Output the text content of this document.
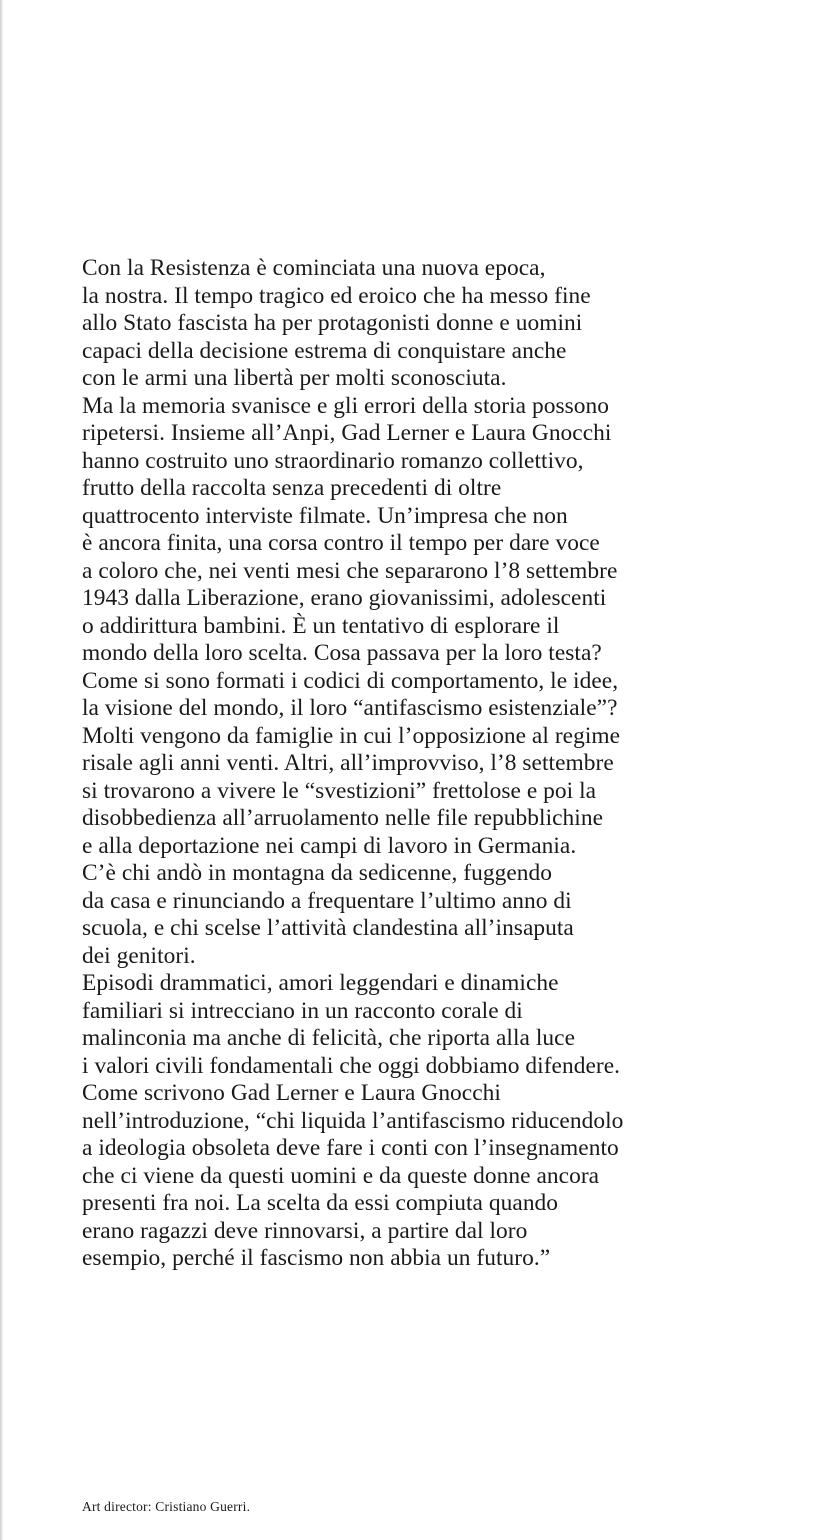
Con la Resistenza è cominciata una nuova epoca,
la nostra. Il tempo tragico ed eroico che ha messo fine
allo Stato fascista ha per protagonisti donne e uomini
capaci della decisione estrema di conquistare anche
con le armi una libertà per molti sconosciuta.
Ma la memoria svanisce e gli errori della storia possono
ripetersi. Insieme all’Anpi, Gad Lerner e Laura Gnocchi
hanno costruito uno straordinario romanzo collettivo,
frutto della raccolta senza precedenti di oltre
quattrocento interviste filmate. Un’impresa che non
è ancora finita, una corsa contro il tempo per dare voce
a coloro che, nei venti mesi che separarono l’8 settembre
1943 dalla Liberazione, erano giovanissimi, adolescenti
o addirittura bambini. È un tentativo di esplorare il
mondo della loro scelta. Cosa passava per la loro testa?
Come si sono formati i codici di comportamento, le idee,
la visione del mondo, il loro “antifascismo esistenziale”?
Molti vengono da famiglie in cui l’opposizione al regime
risale agli anni venti. Altri, all’improvviso, l’8 settembre
si trovarono a vivere le “svestizioni” frettolose e poi la
disobbedienza all’arruolamento nelle file repubblichine
e alla deportazione nei campi di lavoro in Germania.
C’è chi andò in montagna da sedicenne, fuggendo
da casa e rinunciando a frequentare l’ultimo anno di
scuola, e chi scelse l’attività clandestina all’insaputa
dei genitori.
Episodi drammatici, amori leggendari e dinamiche
familiari si intrecciano in un racconto corale di
malinconia ma anche di felicità, che riporta alla luce
i valori civili fondamentali che oggi dobbiamo difendere.
Come scrivono Gad Lerner e Laura Gnocchi
nell’introduzione, “chi liquida l’antifascismo riducendolo
a ideologia obsoleta deve fare i conti con l’insegnamento
che ci viene da questi uomini e da queste donne ancora
presenti fra noi. La scelta da essi compiuta quando
erano ragazzi deve rinnovarsi, a partire dal loro
esempio, perché il fascismo non abbia un futuro.”
Art director: Cristiano Guerri.
